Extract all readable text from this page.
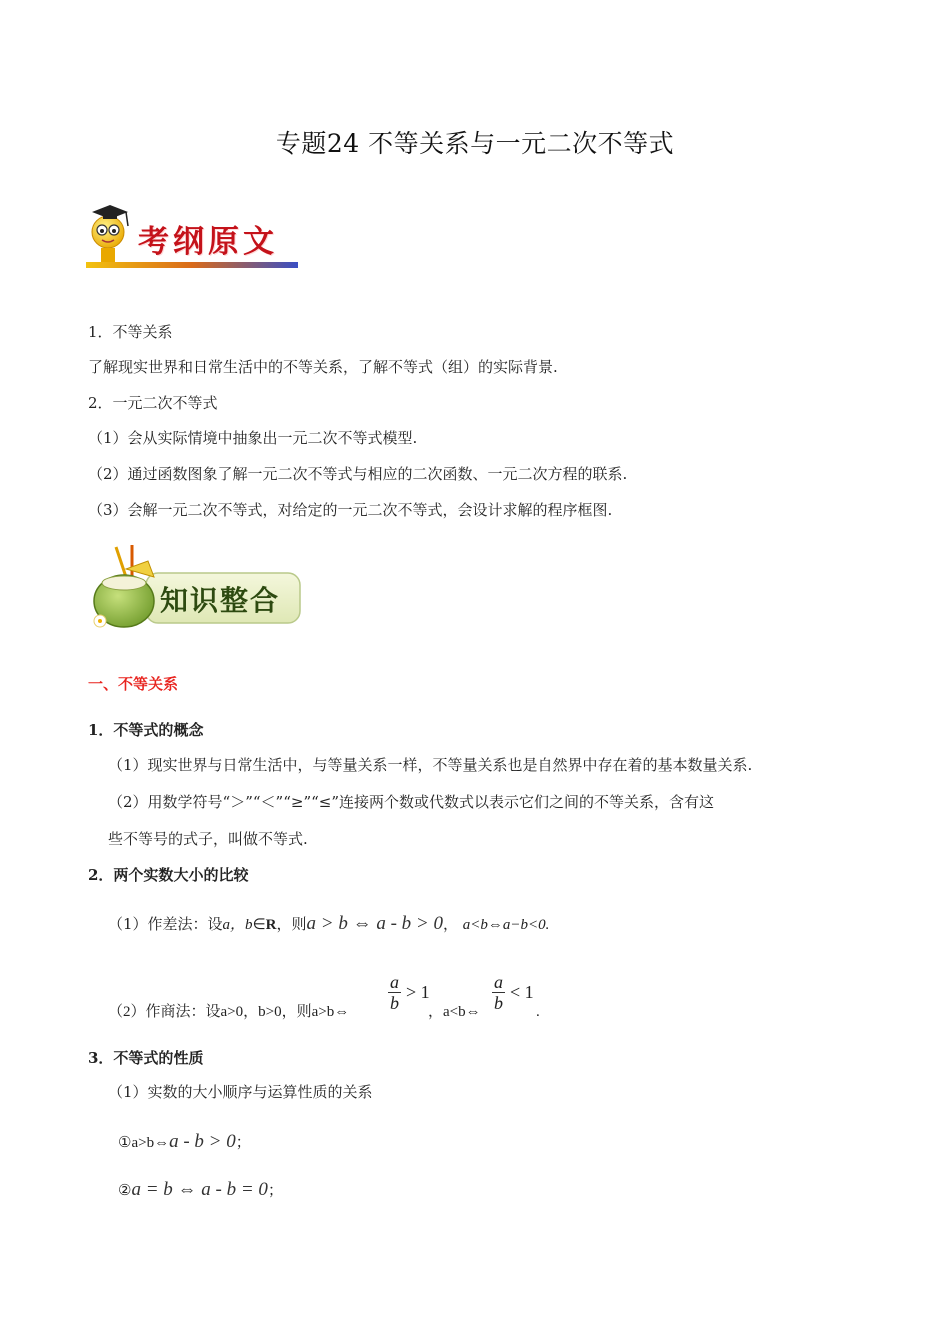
专题24 不等关系与一元二次不等式
考纲原文
1．不等关系
了解现实世界和日常生活中的不等关系，了解不等式（组）的实际背景.
2．一元二次不等式
（1）会从实际情境中抽象出一元二次不等式模型.
（2）通过函数图象了解一元二次不等式与相应的二次函数、一元二次方程的联系.
（3）会解一元二次不等式，对给定的一元二次不等式，会设计求解的程序框图.
知识整合
一、不等关系
1．不等式的概念
（1）现实世界与日常生活中，与等量关系一样，不等量关系也是自然界中存在着的基本数量关系.
（2）用数学符号“＞”“＜”“≥”“≤”连接两个数或代数式以表示它们之间的不等关系，含有这
些不等号的式子，叫做不等式.
2．两个实数大小的比较
（1）作差法：设a，b∈R，则a > b ⇔ a - b > 0， a<b⇔a−b<0.
（2）作商法：设a>0，b>0，则a>b⇔ $\frac{a}{b} > 1$
，a<b⇔ $\frac{a}{b} < 1$
.
3．不等式的性质
（1）实数的大小顺序与运算性质的关系
①a>b⇔a - b > 0；
②a = b ⇔ a - b = 0；
